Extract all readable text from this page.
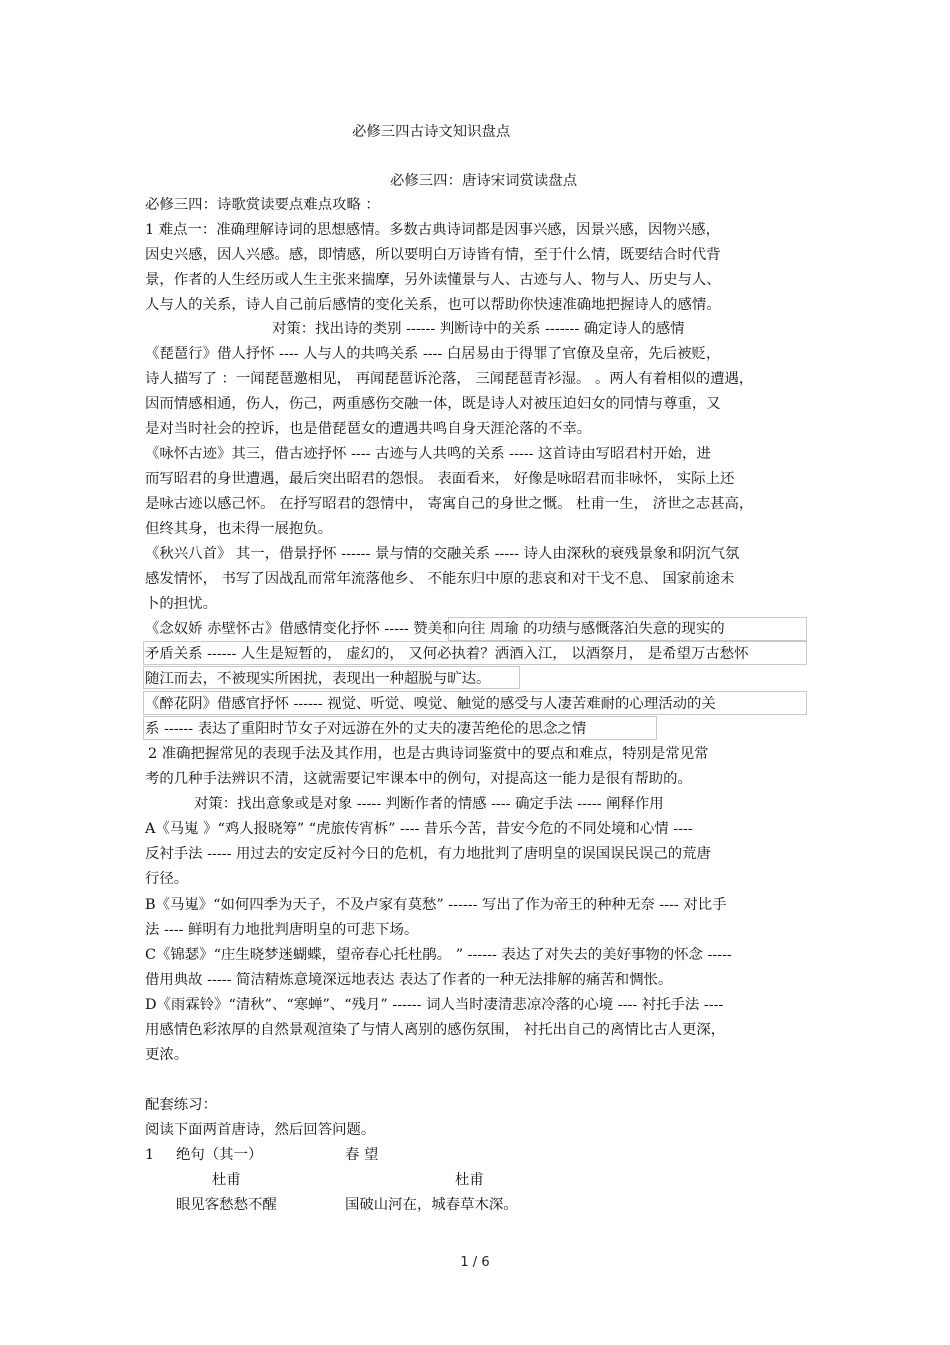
必修三四古诗文知识盘点
必修三四：唐诗宋词赏读盘点
必修三四：诗歌赏读要点难点攻略 ：
1 难点一：准确理解诗词的思想感情。多数古典诗词都是因事兴感，因景兴感，因物兴感，
因史兴感，因人兴感。感，即情感，所以要明白万诗皆有情，至于什么情，既要结合时代背
景，作者的人生经历或人生主张来揣摩，另外读懂景与人、古迹与人、物与人、历史与人、
人与人的关系，诗人自己前后感情的变化关系，也可以帮助你快速准确地把握诗人的感情。
对策：找出诗的类别 ------ 判断诗中的关系 ------- 确定诗人的感情
《琵琶行》借人抒怀 ---- 人与人的共鸣关系 ---- 白居易由于得罪了官僚及皇帝，先后被贬，
诗人描写了 ：一闻琵琶邀相见， 再闻琵琶诉沦落， 三闻琵琶青衫湿。 。两人有着相似的遭遇，
因而情感相通，伤人，伤己，两重感伤交融一体，既是诗人对被压迫妇女的同情与尊重，又
是对当时社会的控诉，也是借琵琶女的遭遇共鸣自身天涯沦落的不幸。
《咏怀古迹》其三，借古迹抒怀 ---- 古迹与人共鸣的关系 ----- 这首诗由写昭君村开始，进
而写昭君的身世遭遇，最后突出昭君的怨恨。 表面看来， 好像是咏昭君而非咏怀， 实际上还
是咏古迹以感己怀。 在抒写昭君的怨情中， 寄寓自己的身世之慨。 杜甫一生， 济世之志甚高，
但终其身，也未得一展抱负。
《秋兴八首》 其一，借景抒怀 ------ 景与情的交融关系 ----- 诗人由深秋的衰残景象和阴沉气氛
感发情怀， 书写了因战乱而常年流落他乡、 不能东归中原的悲哀和对干戈不息、 国家前途未
卜的担忧。
《念奴娇 赤壁怀古》借感情变化抒怀 ----- 赞美和向往 周瑜 的功绩与感慨落泊失意的现实的
矛盾关系 ------ 人生是短暂的， 虚幻的， 又何必执着？洒酒入江， 以酒祭月， 是希望万古愁怀
随江而去，不被现实所困扰，表现出一种超脱与旷达。
《醉花阴》借感官抒怀 ------ 视觉、听觉、嗅觉、触觉的感受与人凄苦难耐的心理活动的关
系 ------ 表达了重阳时节女子对远游在外的丈夫的凄苦绝伦的思念之情
2 准确把握常见的表现手法及其作用，也是古典诗词鉴赏中的要点和难点，特别是常见常
考的几种手法辨识不清，这就需要记牢课本中的例句，对提高这一能力是很有帮助的。
对策：找出意象或是对象 ----- 判断作者的情感 ---- 确定手法 ----- 阐释作用
A《马嵬 》“鸡人报晓筹” “虎旅传宵柝” ---- 昔乐今苦，昔安今危的不同处境和心情 ----
反衬手法 ----- 用过去的安定反衬今日的危机，有力地批判了唐明皇的误国误民误己的荒唐
行径。
B《马嵬》“如何四季为天子，不及卢家有莫愁” ------ 写出了作为帝王的种种无奈 ---- 对比手
法 ---- 鲜明有力地批判唐明皇的可悲下场。
C《锦瑟》“庄生晓梦迷蝴蝶，望帝春心托杜鹃。 ” ------ 表达了对失去的美好事物的怀念 -----
借用典故 ----- 简洁精炼意境深远地表达 表达了作者的一种无法排解的痛苦和惆怅。
D《雨霖铃》“清秋”、“寒蝉”、“残月” ------ 词人当时凄清悲凉冷落的心境 ---- 衬托手法 ----
用感情色彩浓厚的自然景观渲染了与情人离别的感伤氛围， 衬托出自己的离情比古人更深，
更浓。
配套练习：
阅读下面两首唐诗，然后回答问题。
1 绝句（其一）	春 望
杜甫	杜甫
眼见客愁愁不醒	国破山河在，城春草木深。
1 / 6
